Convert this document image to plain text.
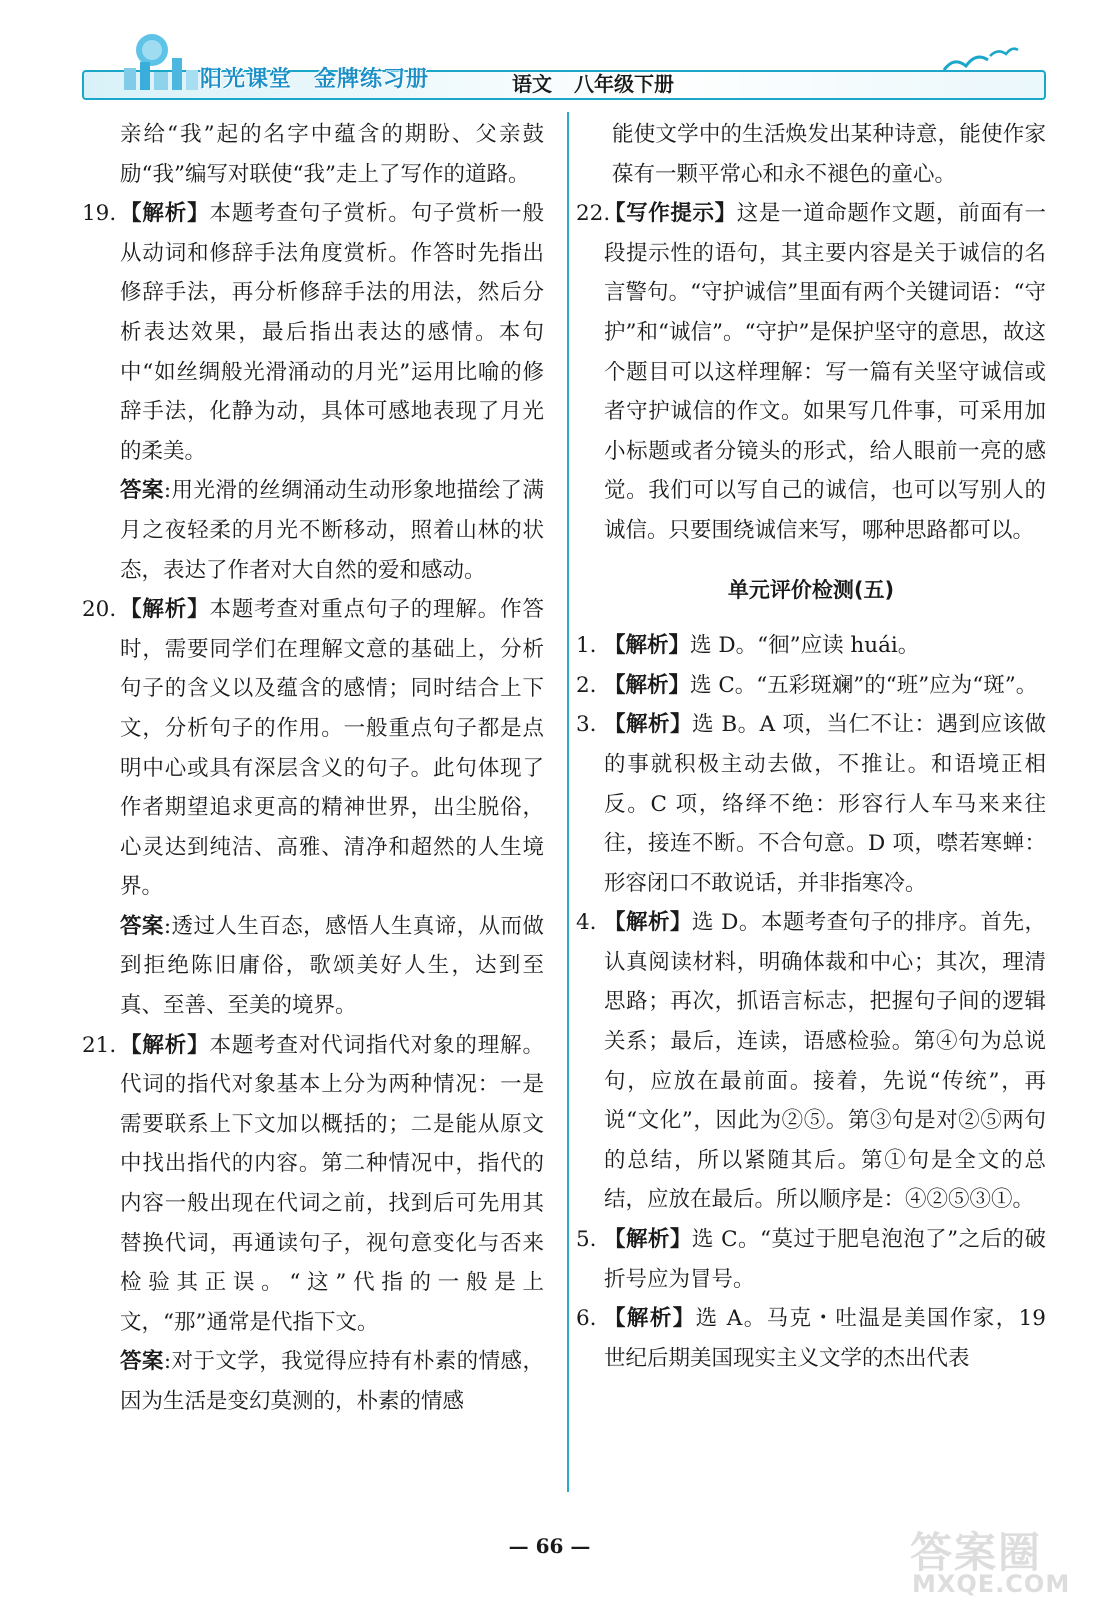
阳光课堂 金牌练习册	语文 八年级下册
亲给“我”起的名字中蕴含的期盼、父亲鼓励“我”编写对联使“我”走上了写作的道路。
19. 【解析】本题考查句子赏析。句子赏析一般从动词和修辞手法角度赏析。作答时先指出修辞手法，再分析修辞手法的用法，然后分析表达效果，最后指出表达的感情。本句中“如丝绸般光滑涌动的月光”运用比喻的修辞手法，化静为动，具体可感地表现了月光的柔美。
答案:用光滑的丝绸涌动生动形象地描绘了满月之夜轻柔的月光不断移动，照着山林的状态，表达了作者对大自然的爱和感动。
20. 【解析】本题考查对重点句子的理解。作答时，需要同学们在理解文意的基础上，分析句子的含义以及蕴含的感情；同时结合上下文，分析句子的作用。一般重点句子都是点明中心或具有深层含义的句子。此句体现了作者期望追求更高的精神世界，出尘脱俗，心灵达到纯洁、高雅、清净和超然的人生境界。
答案:透过人生百态，感悟人生真谛，从而做到拒绝陈旧庸俗，歌颂美好人生，达到至真、至善、至美的境界。
21. 【解析】本题考查对代词指代对象的理解。代词的指代对象基本上分为两种情况：一是需要联系上下文加以概括的；二是能从原文中找出指代的内容。第二种情况中，指代的内容一般出现在代词之前，找到后可先用其替换代词，再通读句子，视句意变化与否来检验其正误。“这”代指的一般是上文，“那”通常是代指下文。
答案:对于文学，我觉得应持有朴素的情感，因为生活是变幻莫测的，朴素的情感
能使文学中的生活焕发出某种诗意，能使作家葆有一颗平常心和永不褪色的童心。
22.
【写作提示】这是一道命题作文题，前面有一段提示性的语句，其主要内容是关于诚信的名言警句。“守护诚信”里面有两个关键词语：“守护”和“诚信”。“守护”是保护坚守的意思，故这个题目可以这样理解：写一篇有关坚守诚信或者守护诚信的作文。如果写几件事，可采用加小标题或者分镜头的形式，给人眼前一亮的感觉。我们可以写自己的诚信，也可以写别人的诚信。只要围绕诚信来写，哪种思路都可以。
单元评价检测(五)
1. 【解析】选 D。“徊”应读 huái。
2. 【解析】选 C。“五彩斑斓”的“班”应为“斑”。
3. 【解析】选 B。A 项，当仁不让：遇到应该做的事就积极主动去做，不推让。和语境正相反。C 项，络绎不绝：形容行人车马来来往往，接连不断。不合句意。D 项，噤若寒蝉：形容闭口不敢说话，并非指寒冷。
4. 【解析】选 D。本题考查句子的排序。首先，认真阅读材料，明确体裁和中心；其次，理清思路；再次，抓语言标志，把握句子间的逻辑关系；最后，连读，语感检验。第④句为总说句，应放在最前面。接着，先说“传统”，再说“文化”，因此为②⑤。第③句是对②⑤两句的总结，所以紧随其后。第①句是全文的总结，应放在最后。所以顺序是：④②⑤③①。
5. 【解析】选 C。“莫过于肥皂泡泡了”之后的破折号应为冒号。
6. 【解析】选 A。马克・吐温是美国作家，19 世纪后期美国现实主义文学的杰出代表
— 66 —	答案圈
MXQE.COM
